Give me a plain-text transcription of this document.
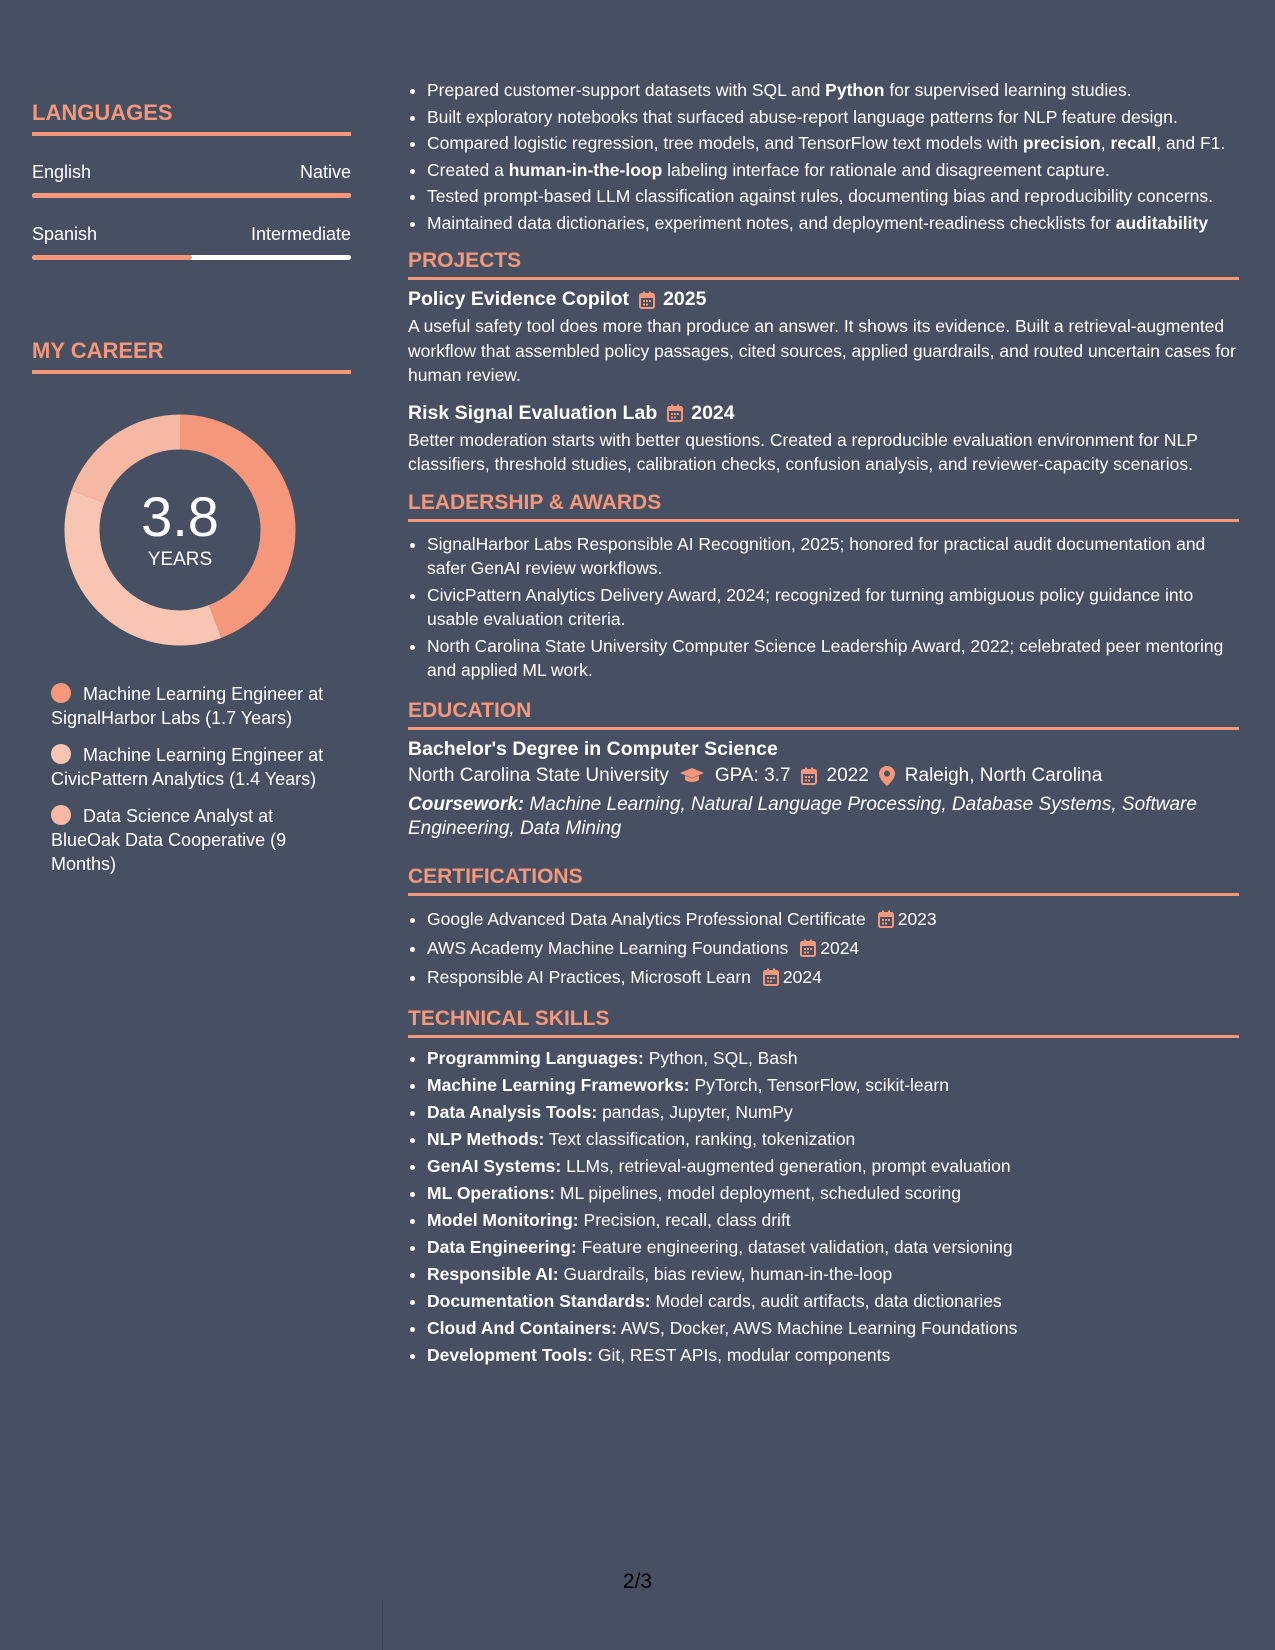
LANGUAGES
English	Native
Spanish	Intermediate
MY CAREER
3.8
YEARS
Machine Learning Engineer at SignalHarbor Labs (1.7 Years)
Machine Learning Engineer at CivicPattern Analytics (1.4 Years)
Data Science Analyst at BlueOak Data Cooperative (9 Months)
• Prepared customer-support datasets with SQL and Python for supervised learning studies.
• Built exploratory notebooks that surfaced abuse-report language patterns for NLP feature design.
• Compared logistic regression, tree models, and TensorFlow text models with precision, recall, and F1.
• Created a human-in-the-loop labeling interface for rationale and disagreement capture.
• Tested prompt-based LLM classification against rules, documenting bias and reproducibility concerns.
• Maintained data dictionaries, experiment notes, and deployment-readiness checklists for auditability
PROJECTS
Policy Evidence Copilot 2025
A useful safety tool does more than produce an answer. It shows its evidence. Built a retrieval-augmented workflow that assembled policy passages, cited sources, applied guardrails, and routed uncertain cases for human review.
Risk Signal Evaluation Lab 2024
Better moderation starts with better questions. Created a reproducible evaluation environment for NLP classifiers, threshold studies, calibration checks, confusion analysis, and reviewer-capacity scenarios.
LEADERSHIP & AWARDS
• SignalHarbor Labs Responsible AI Recognition, 2025; honored for practical audit documentation and safer GenAI review workflows.
• CivicPattern Analytics Delivery Award, 2024; recognized for turning ambiguous policy guidance into usable evaluation criteria.
• North Carolina State University Computer Science Leadership Award, 2022; celebrated peer mentoring and applied ML work.
EDUCATION
Bachelor's Degree in Computer Science
North Carolina State University GPA: 3.7 2022 Raleigh, North Carolina
Coursework: Machine Learning, Natural Language Processing, Database Systems, Software Engineering, Data Mining
CERTIFICATIONS
• Google Advanced Data Analytics Professional Certificate 2023
• AWS Academy Machine Learning Foundations 2024
• Responsible AI Practices, Microsoft Learn 2024
TECHNICAL SKILLS
• Programming Languages: Python, SQL, Bash
• Machine Learning Frameworks: PyTorch, TensorFlow, scikit-learn
• Data Analysis Tools: pandas, Jupyter, NumPy
• NLP Methods: Text classification, ranking, tokenization
• GenAI Systems: LLMs, retrieval-augmented generation, prompt evaluation
• ML Operations: ML pipelines, model deployment, scheduled scoring
• Model Monitoring: Precision, recall, class drift
• Data Engineering: Feature engineering, dataset validation, data versioning
• Responsible AI: Guardrails, bias review, human-in-the-loop
• Documentation Standards: Model cards, audit artifacts, data dictionaries
• Cloud And Containers: AWS, Docker, AWS Machine Learning Foundations
• Development Tools: Git, REST APIs, modular components
2/3
